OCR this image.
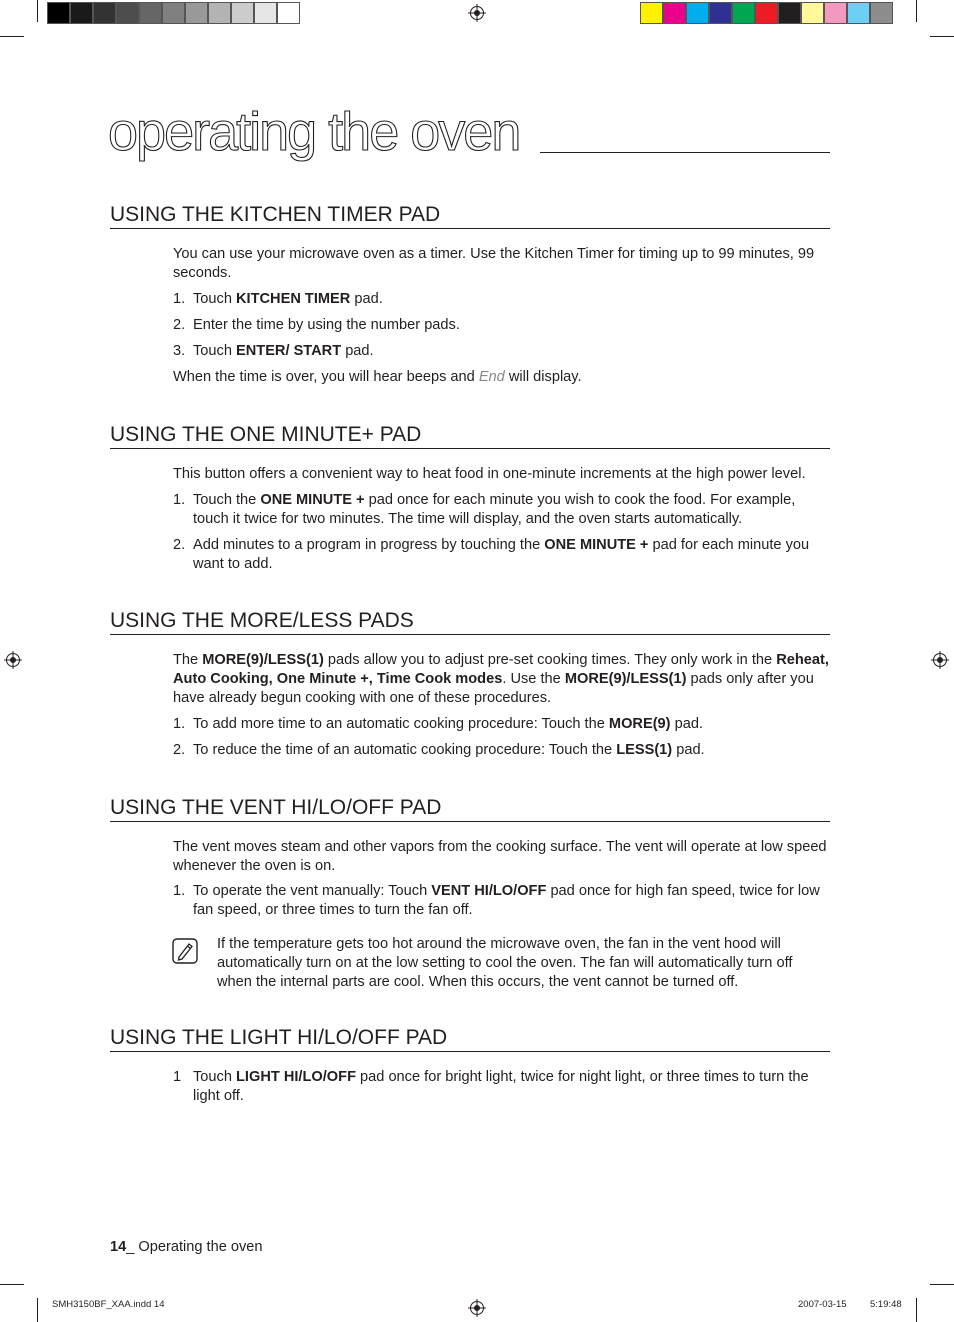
operating the oven
USING THE KITCHEN TIMER PAD
You can use your microwave oven as a timer. Use the Kitchen Timer for timing up to 99 minutes, 99 seconds.
1. Touch KITCHEN TIMER pad.
2. Enter the time by using the number pads.
3. Touch ENTER/ START pad.
When the time is over, you will hear beeps and End will display.
USING THE ONE MINUTE+ PAD
This button offers a convenient way to heat food in one-minute increments at the high power level.
1. Touch the ONE MINUTE + pad once for each minute you wish to cook the food. For example, touch it twice for two minutes. The time will display, and the oven starts automatically.
2. Add minutes to a program in progress by touching the ONE MINUTE + pad for each minute you want to add.
USING THE MORE/LESS PADS
The MORE(9)/LESS(1) pads allow you to adjust pre-set cooking times. They only work in the Reheat, Auto Cooking, One Minute +, Time Cook modes. Use the MORE(9)/LESS(1) pads only after you have already begun cooking with one of these procedures.
1. To add more time to an automatic cooking procedure: Touch the MORE(9) pad.
2. To reduce the time of an automatic cooking procedure: Touch the LESS(1) pad.
USING THE VENT HI/LO/OFF PAD
The vent moves steam and other vapors from the cooking surface. The vent will operate at low speed whenever the oven is on.
1. To operate the vent manually: Touch VENT HI/LO/OFF pad once for high fan speed, twice for low fan speed, or three times to turn the fan off.
If the temperature gets too hot around the microwave oven, the fan in the vent hood will automatically turn on at the low setting to cool the oven. The fan will automatically turn off when the internal parts are cool. When this occurs, the vent cannot be turned off.
USING THE LIGHT HI/LO/OFF PAD
1 Touch LIGHT HI/LO/OFF pad once for bright light, twice for night light, or three times to turn the light off.
14_ Operating the oven
SMH3150BF_XAA.indd 14	2007-03-15 5:19:48
